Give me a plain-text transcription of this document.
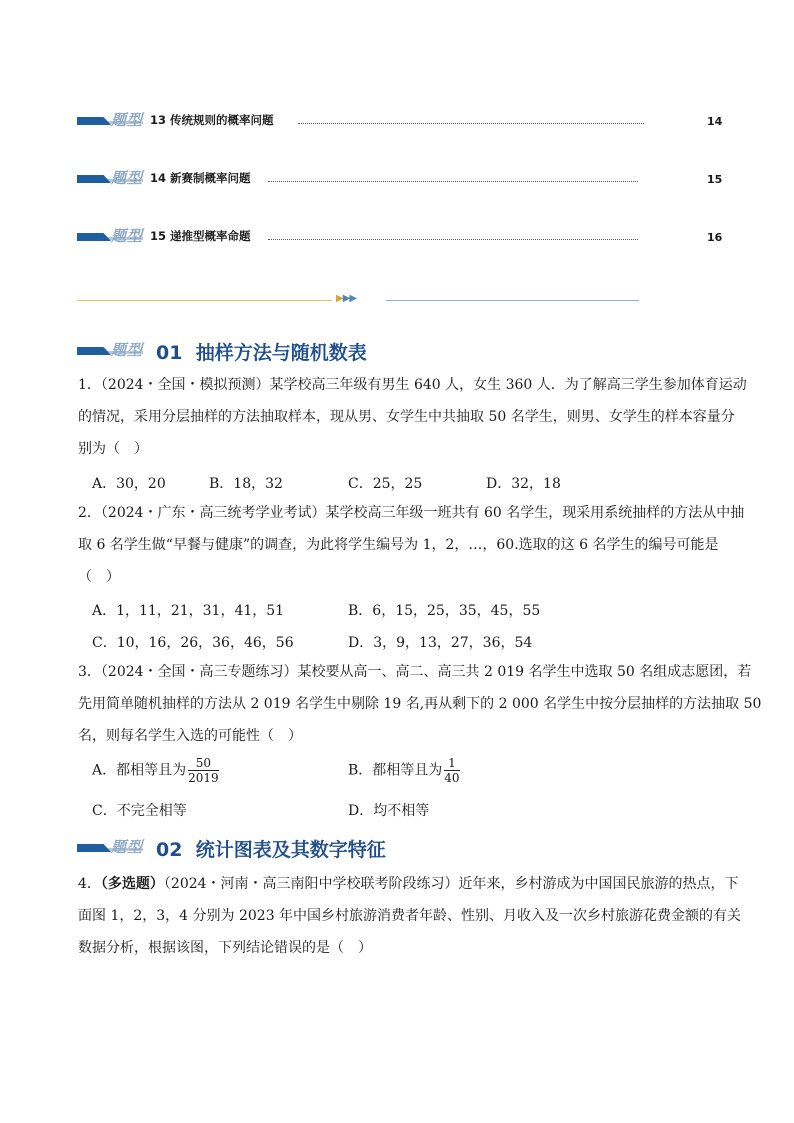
题型 13 传统规则的概率问题	14
题型 14 新赛制概率问题	15
题型 15 递推型概率命题	16
▶▶▶
题型 01 抽样方法与随机数表
1．（2024・全国・模拟预测）某学校高三年级有男生 640 人，女生 360 人．为了解高三学生参加体育运动
的情况，采用分层抽样的方法抽取样本，现从男、女学生中共抽取 50 名学生，则男、女学生的样本容量分
别为（　）
A．30，20	B．18，32	C．25，25	D．32，18
2．（2024・广东・高三统考学业考试）某学校高三年级一班共有 60 名学生，现采用系统抽样的方法从中抽
取 6 名学生做“早餐与健康”的调查，为此将学生编号为 1，2，…，60.选取的这 6 名学生的编号可能是
（　）
A．1，11，21，31，41，51	B．6，15，25，35，45，55
C．10，16，26，36，46，56	D．3，9，13，27，36，54
3．（2024・全国・高三专题练习）某校要从高一、高二、高三共 2 019 名学生中选取 50 名组成志愿团，若
先用简单随机抽样的方法从 2 019 名学生中剔除 19 名,再从剩下的 2 000 名学生中按分层抽样的方法抽取 50
名，则每名学生入选的可能性（　）
A．都相等且为 $\frac{50}{2019}$	B．都相等且为 $\frac{1}{40}$
C．不完全相等	D．均不相等
题型 02 统计图表及其数字特征
4．（多选题）（2024・河南・高三南阳中学校联考阶段练习）近年来，乡村游成为中国国民旅游的热点，下
面图 1，2，3，4 分别为 2023 年中国乡村旅游消费者年龄、性别、月收入及一次乡村旅游花费金额的有关
数据分析，根据该图，下列结论错误的是（　）
